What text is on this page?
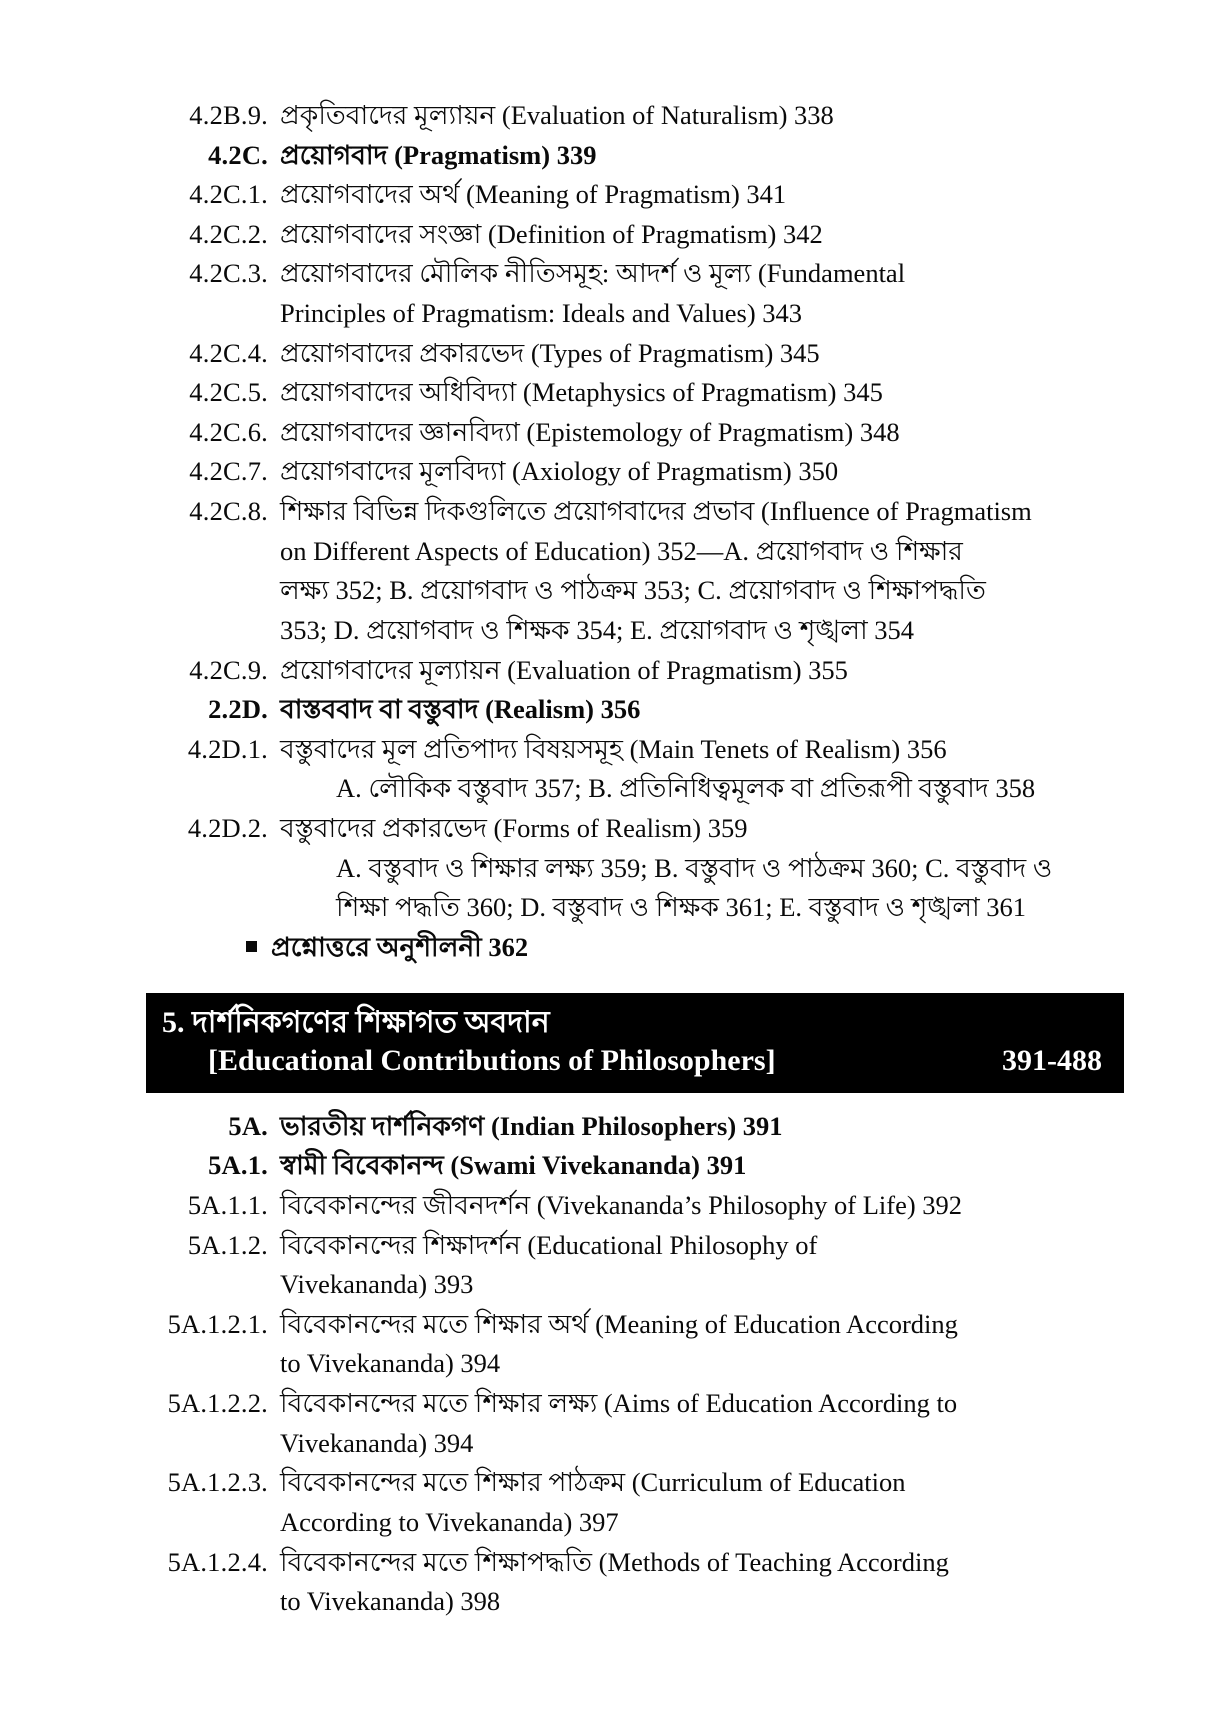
4.2B.9. প্রকৃতিবাদের মূল্যায়ন (Evaluation of Naturalism) 338
4.2C. প্রয়োগবাদ (Pragmatism) 339
4.2C.1. প্রয়োগবাদের অর্থ (Meaning of Pragmatism) 341
4.2C.2. প্রয়োগবাদের সংজ্ঞা (Definition of Pragmatism) 342
4.2C.3. প্রয়োগবাদের মৌলিক নীতিসমূহ: আদর্শ ও মূল্য (Fundamental
Principles of Pragmatism: Ideals and Values) 343
4.2C.4. প্রয়োগবাদের প্রকারভেদ (Types of Pragmatism) 345
4.2C.5. প্রয়োগবাদের অধিবিদ্যা (Metaphysics of Pragmatism) 345
4.2C.6. প্রয়োগবাদের জ্ঞানবিদ্যা (Epistemology of Pragmatism) 348
4.2C.7. প্রয়োগবাদের মূলবিদ্যা (Axiology of Pragmatism) 350
4.2C.8. শিক্ষার বিভিন্ন দিকগুলিতে প্রয়োগবাদের প্রভাব (Influence of Pragmatism
on Different Aspects of Education) 352—A. প্রয়োগবাদ ও শিক্ষার
লক্ষ্য 352; B. প্রয়োগবাদ ও পাঠক্রম 353; C. প্রয়োগবাদ ও শিক্ষাপদ্ধতি
353; D. প্রয়োগবাদ ও শিক্ষক 354; E. প্রয়োগবাদ ও শৃঙ্খলা 354
4.2C.9. প্রয়োগবাদের মূল্যায়ন (Evaluation of Pragmatism) 355
2.2D. বাস্তববাদ বা বস্তুবাদ (Realism) 356
4.2D.1. বস্তুবাদের মূল প্রতিপাদ্য বিষয়সমূহ (Main Tenets of Realism) 356
A. লৌকিক বস্তুবাদ 357; B. প্রতিনিধিত্বমূলক বা প্রতিরূপী বস্তুবাদ 358
4.2D.2. বস্তুবাদের প্রকারভেদ (Forms of Realism) 359
A. বস্তুবাদ ও শিক্ষার লক্ষ্য 359; B. বস্তুবাদ ও পাঠক্রম 360; C. বস্তুবাদ ও
শিক্ষা পদ্ধতি 360; D. বস্তুবাদ ও শিক্ষক 361; E. বস্তুবাদ ও শৃঙ্খলা 361
প্রশ্নোত্তরে অনুশীলনী 362
5. দার্শনিকগণের শিক্ষাগত অবদান
[Educational Contributions of Philosophers]	391-488
5A. ভারতীয় দার্শনিকগণ (Indian Philosophers) 391
5A.1. স্বামী বিবেকানন্দ (Swami Vivekananda) 391
5A.1.1. বিবেকানন্দের জীবনদর্শন (Vivekananda’s Philosophy of Life) 392
5A.1.2. বিবেকানন্দের শিক্ষাদর্শন (Educational Philosophy of
Vivekananda) 393
5A.1.2.1. বিবেকানন্দের মতে শিক্ষার অর্থ (Meaning of Education According
to Vivekananda) 394
5A.1.2.2. বিবেকানন্দের মতে শিক্ষার লক্ষ্য (Aims of Education According to
Vivekananda) 394
5A.1.2.3. বিবেকানন্দের মতে শিক্ষার পাঠক্রম (Curriculum of Education
According to Vivekananda) 397
5A.1.2.4. বিবেকানন্দের মতে শিক্ষাপদ্ধতি (Methods of Teaching According
to Vivekananda) 398
